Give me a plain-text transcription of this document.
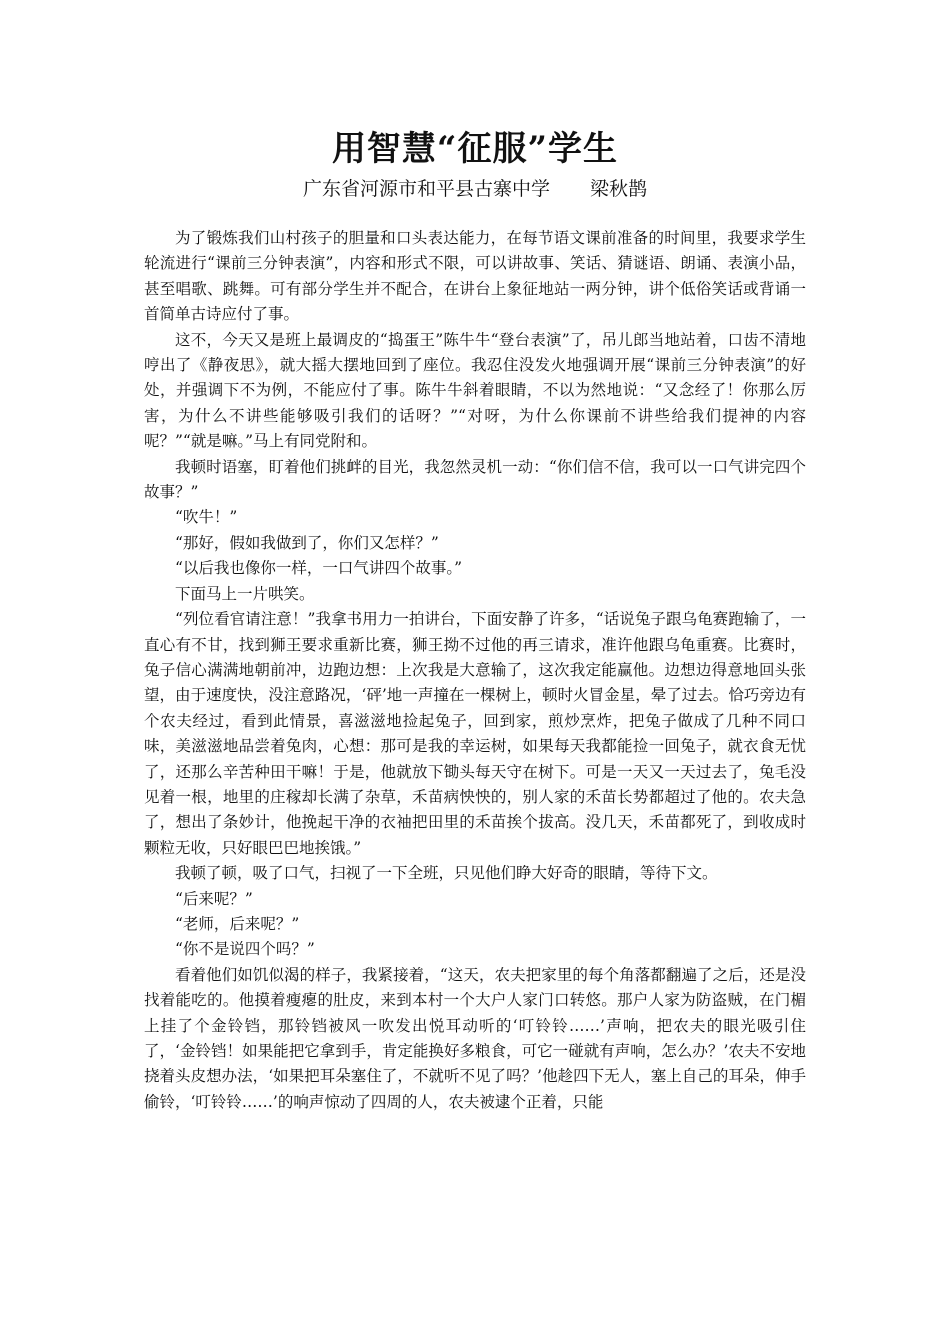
用智慧“征服”学生
广东省河源市和平县古寨中学 梁秋鹊

为了锻炼我们山村孩子的胆量和口头表达能力，在每节语文课前准备的时间里，我要求学生轮流进行“课前三分钟表演”，内容和形式不限，可以讲故事、笑话、猜谜语、朗诵、表演小品，甚至唱歌、跳舞。可有部分学生并不配合，在讲台上象征地站一两分钟，讲个低俗笑话或背诵一首简单古诗应付了事。

这不，今天又是班上最调皮的“捣蛋王”陈牛牛“登台表演”了，吊儿郎当地站着，口齿不清地哼出了《静夜思》，就大摇大摆地回到了座位。我忍住没发火地强调开展“课前三分钟表演”的好处，并强调下不为例，不能应付了事。陈牛牛斜着眼睛，不以为然地说：“又念经了！你那么厉害，为什么不讲些能够吸引我们的话呀？”“对呀，为什么你课前不讲些给我们提神的内容呢？”“就是嘛。”马上有同党附和。

我顿时语塞，盯着他们挑衅的目光，我忽然灵机一动：“你们信不信，我可以一口气讲完四个故事？”

“吹牛！”

“那好，假如我做到了，你们又怎样？”

“以后我也像你一样，一口气讲四个故事。”

下面马上一片哄笑。

“列位看官请注意！”我拿书用力一拍讲台，下面安静了许多，“话说兔子跟乌龟赛跑输了，一直心有不甘，找到狮王要求重新比赛，狮王拗不过他的再三请求，准许他跟乌龟重赛。比赛时，兔子信心满满地朝前冲，边跑边想：上次我是大意输了，这次我定能赢他。边想边得意地回头张望，由于速度快，没注意路况，‘砰’地一声撞在一棵树上，顿时火冒金星，晕了过去。恰巧旁边有个农夫经过，看到此情景，喜滋滋地捡起兔子，回到家，煎炒烹炸，把兔子做成了几种不同口味，美滋滋地品尝着兔肉，心想：那可是我的幸运树，如果每天我都能捡一回兔子，就衣食无忧了，还那么辛苦种田干嘛！于是，他就放下锄头每天守在树下。可是一天又一天过去了，兔毛没见着一根，地里的庄稼却长满了杂草，禾苗病怏怏的，别人家的禾苗长势都超过了他的。农夫急了，想出了条妙计，他挽起干净的衣袖把田里的禾苗挨个拔高。没几天，禾苗都死了，到收成时颗粒无收，只好眼巴巴地挨饿。”

我顿了顿，吸了口气，扫视了一下全班，只见他们睁大好奇的眼睛，等待下文。

“后来呢？”

“老师，后来呢？”

“你不是说四个吗？”

看着他们如饥似渴的样子，我紧接着，“这天，农夫把家里的每个角落都翻遍了之后，还是没找着能吃的。他摸着瘦瘪的肚皮，来到本村一个大户人家门口转悠。那户人家为防盗贼，在门楣上挂了个金铃铛，那铃铛被风一吹发出悦耳动听的‘叮铃铃……’声响，把农夫的眼光吸引住了，‘金铃铛！如果能把它拿到手，肯定能换好多粮食，可它一碰就有声响，怎么办？’农夫不安地挠着头皮想办法，‘如果把耳朵塞住了，不就听不见了吗？’他趁四下无人，塞上自己的耳朵，伸手偷铃，‘叮铃铃……’的响声惊动了四周的人，农夫被逮个正着，只能
